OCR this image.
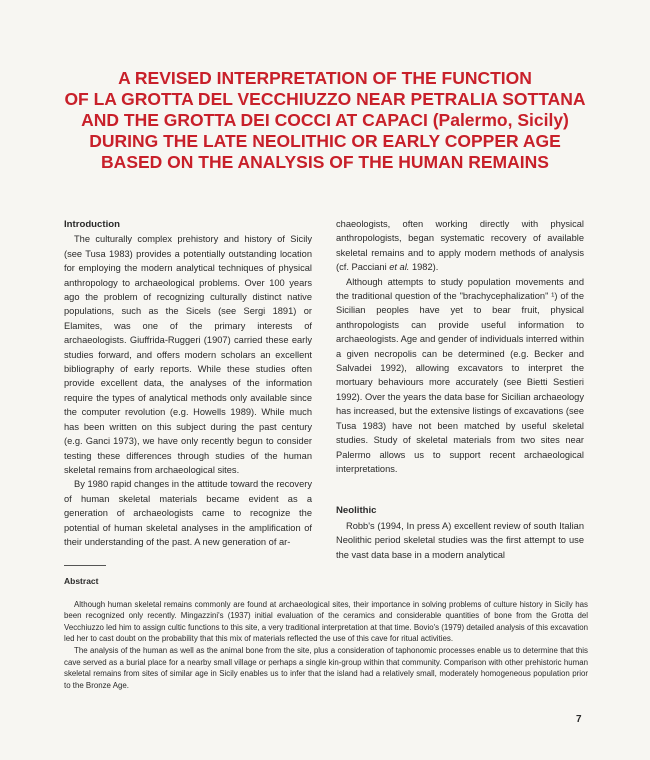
A REVISED INTERPRETATION OF THE FUNCTION
OF LA GROTTA DEL VECCHIUZZO NEAR PETRALIA SOTTANA
AND THE GROTTA DEI COCCI AT CAPACI (Palermo, Sicily)
DURING THE LATE NEOLITHIC OR EARLY COPPER AGE
BASED ON THE ANALYSIS OF THE HUMAN REMAINS

Introduction

The culturally complex prehistory and history of Sicily (see Tusa 1983) provides a potentially outstanding location for employing the modern analytical techniques of physical anthropology to archaeological problems. Over 100 years ago the problem of recognizing culturally distinct native populations, such as the Sicels (see Sergi 1891) or Elamites, was one of the primary interests of archaeologists. Giuffrida-Ruggeri (1907) carried these early studies forward, and offers modern scholars an excellent bibliography of early reports. While these studies often provide excellent data, the analyses of the information require the types of analytical methods only available since the computer revolution (e.g. Howells 1989). While much has been written on this subject during the past century (e.g. Ganci 1973), we have only recently begun to consider testing these differences through studies of the human skeletal remains from archaeological sites.

By 1980 rapid changes in the attitude toward the recovery of human skeletal materials became evident as a generation of archaeologists came to recognize the potential of human skeletal analyses in the amplification of their understanding of the past. A new generation of ar-

chaeologists, often working directly with physical anthropologists, began systematic recovery of available skeletal remains and to apply modern methods of analysis (cf. Pacciani et al. 1982).

Although attempts to study population movements and the traditional question of the "brachycephalization" ¹) of the Sicilian peoples have yet to bear fruit, physical anthropologists can provide useful information to archaeologists. Age and gender of individuals interred within a given necropolis can be determined (e.g. Becker and Salvadei 1992), allowing excavators to interpret the mortuary behaviours more accurately (see Bietti Sestieri 1992). Over the years the data base for Sicilian archaeology has increased, but the extensive listings of excavations (see Tusa 1983) have not been matched by useful skeletal studies. Study of skeletal materials from two sites near Palermo allows us to support recent archaeological interpretations.

Neolithic

Robb's (1994, In press A) excellent review of south Italian Neolithic period skeletal studies was the first attempt to use the vast data base in a modern analytical

Abstract

Although human skeletal remains commonly are found at archaeological sites, their importance in solving problems of culture history in Sicily has been recognized only recently. Mingazzini's (1937) initial evaluation of the ceramics and considerable quantities of bone from the Grotta del Vecchiuzzo led him to assign cultic functions to this site, a very traditional interpretation at that time. Bovio's (1979) detailed analysis of this excavation led her to cast doubt on the probability that this mix of materials reflected the use of this cave for ritual activities.

The analysis of the human as well as the animal bone from the site, plus a consideration of taphonomic processes enable us to determine that this cave served as a burial place for a nearby small village or perhaps a single kin-group within that community. Comparison with other prehistoric human skeletal remains from sites of similar age in Sicily enables us to infer that the island had a relatively small, moderately homogeneous population prior to the Bronze Age.

7
